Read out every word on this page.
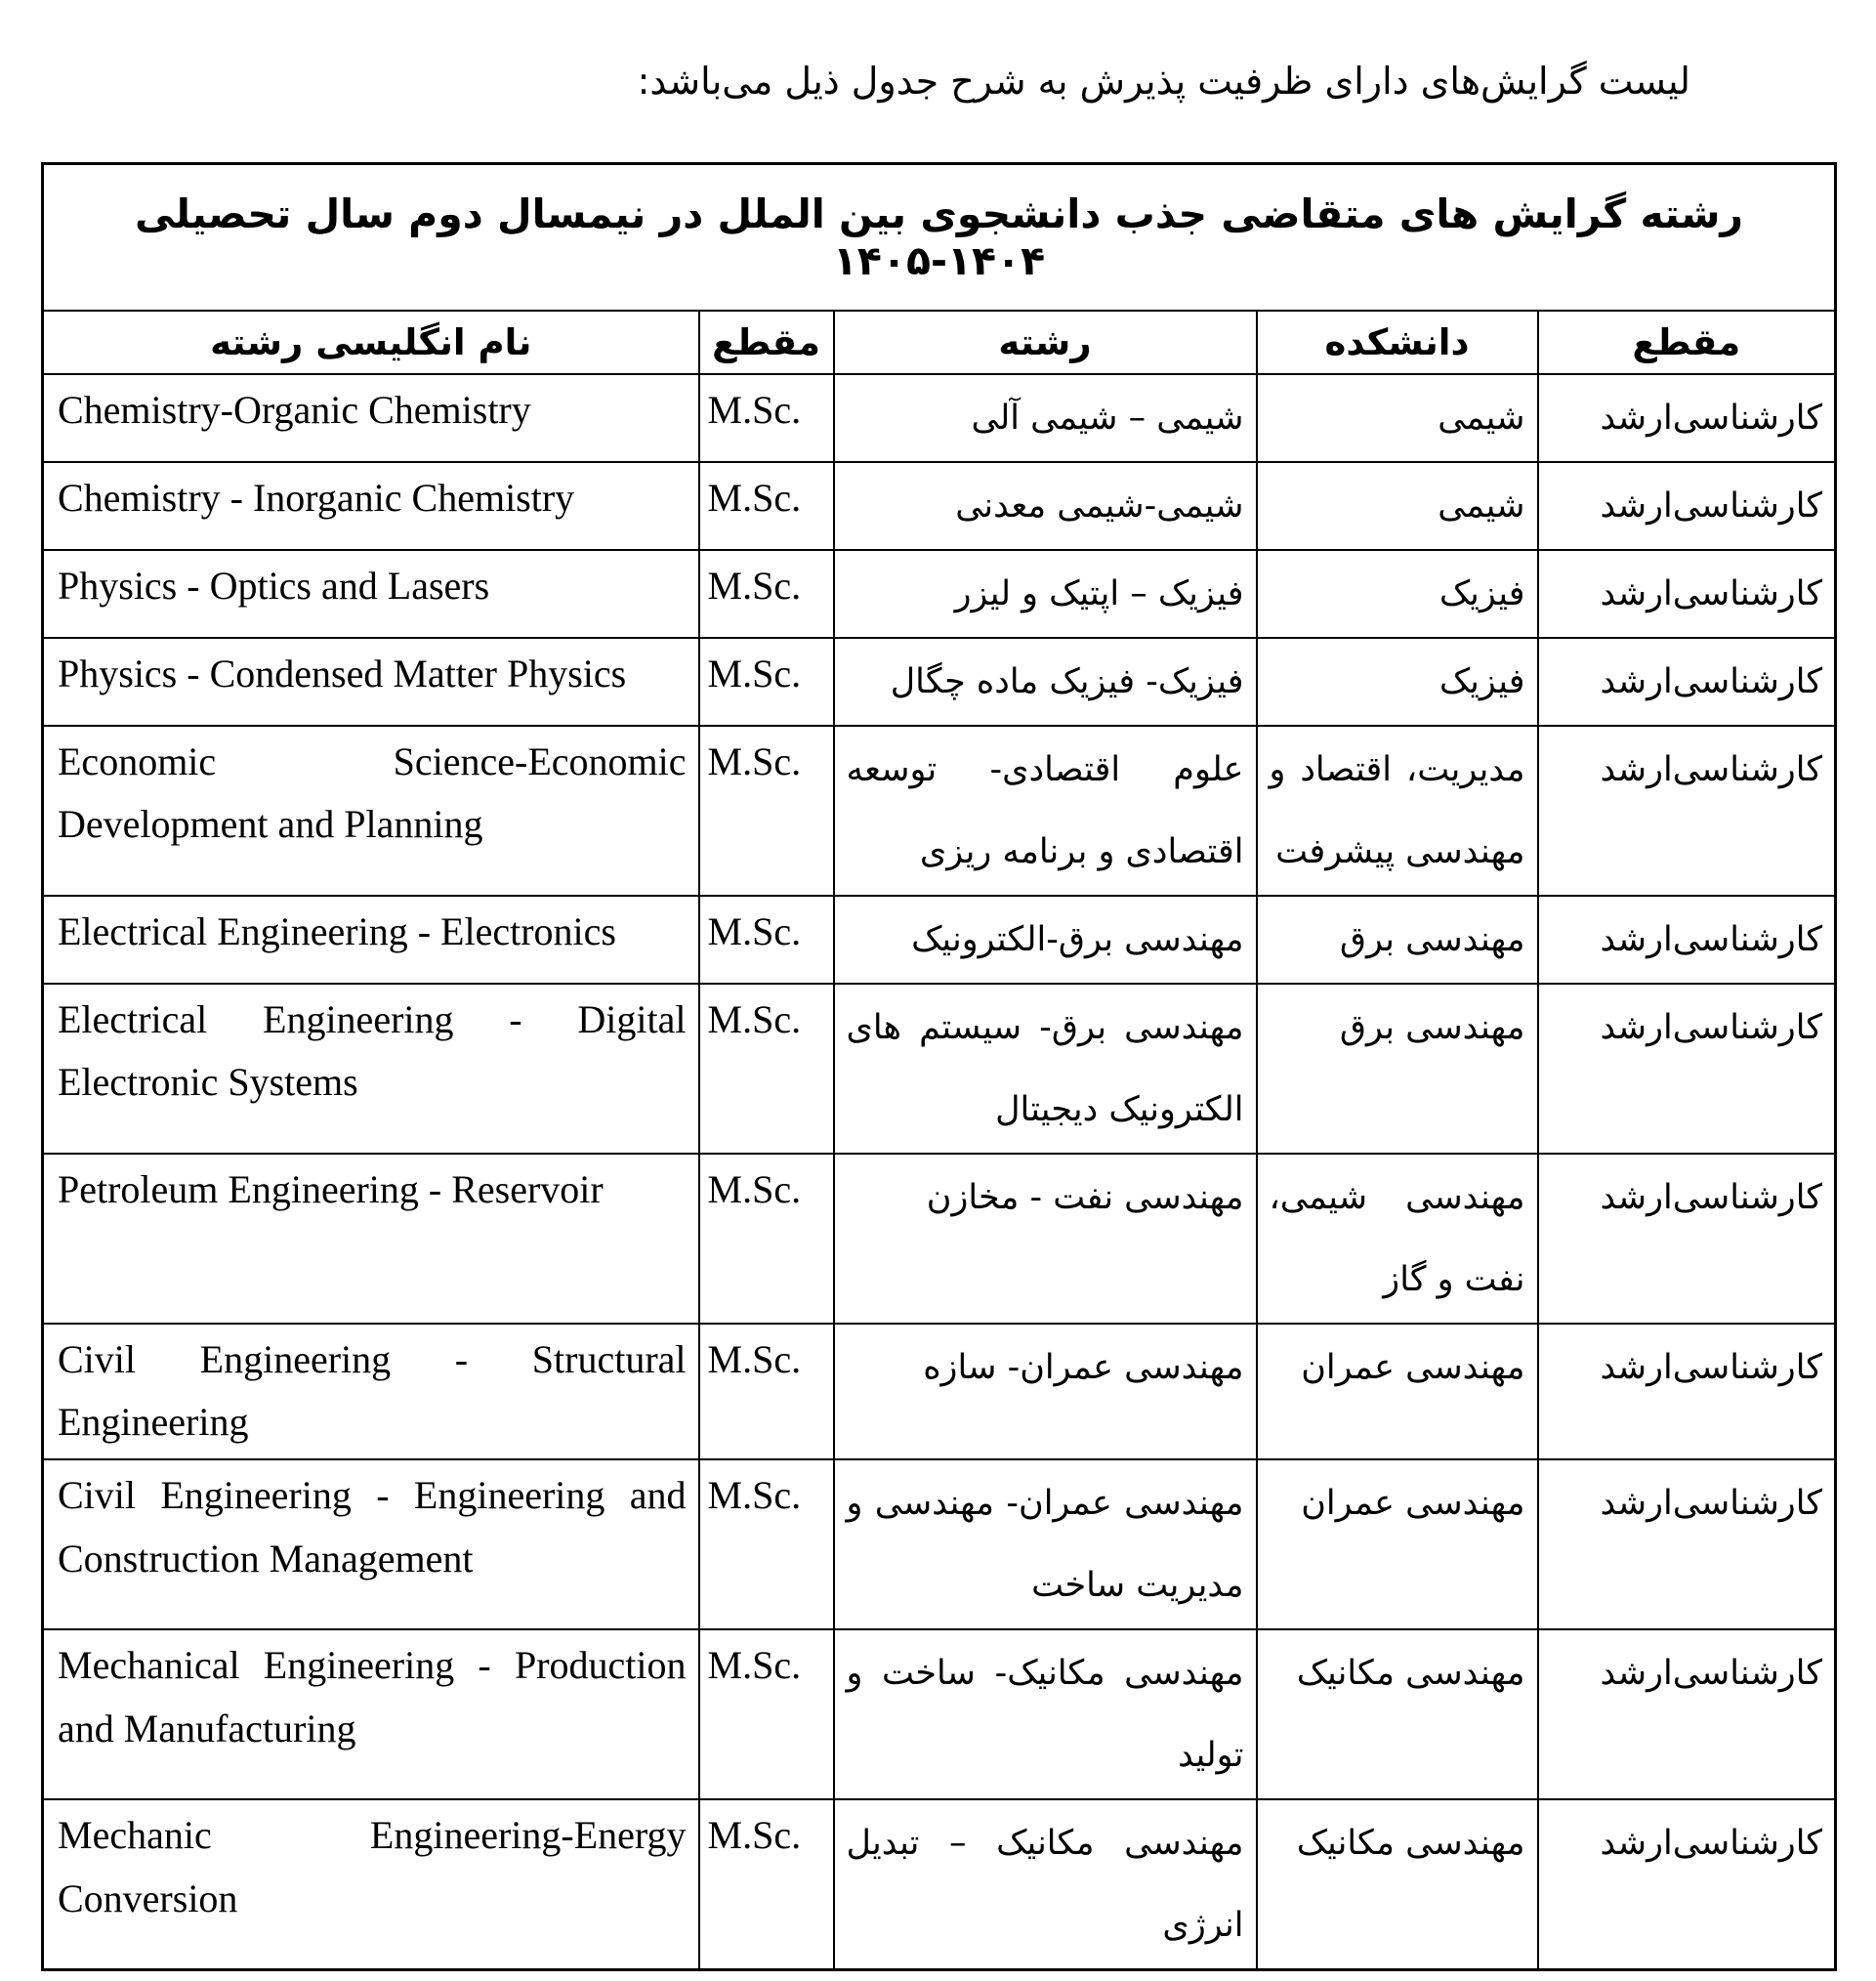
لیست گرایش‌های دارای ظرفیت پذیرش به شرح جدول ذیل می‌باشد:

رشته گرایش های متقاضی جذب دانشجوی بین الملل در نیمسال دوم سال تحصیلی ۱۴۰۴‏-‏۱۴۰۵				
نام انگلیسی رشته	مقطع	رشته	دانشکده	مقطع
Chemistry-Organic Chemistry	M.Sc.	شیمی – شیمی آلی	شیمی	کارشناسی‌ارشد
Chemistry - Inorganic Chemistry	M.Sc.	شیمی-شیمی معدنی	شیمی	کارشناسی‌ارشد
Physics - Optics and Lasers	M.Sc.	فیزیک – اپتیک و لیزر	فیزیک	کارشناسی‌ارشد
Physics - Condensed Matter Physics	M.Sc.	فیزیک- فیزیک ماده چگال	فیزیک	کارشناسی‌ارشد
Economic Science-Economic Development and Planning	M.Sc.	علوم اقتصادی- توسعه اقتصادی و برنامه ریزی	مدیریت، اقتصاد و مهندسی پیشرفت	کارشناسی‌ارشد
Electrical Engineering - Electronics	M.Sc.	مهندسی برق-الکترونیک	مهندسی برق	کارشناسی‌ارشد
Electrical Engineering - Digital Electronic Systems	M.Sc.	مهندسی برق- سیستم های الکترونیک دیجیتال	مهندسی برق	کارشناسی‌ارشد
Petroleum Engineering - Reservoir	M.Sc.	مهندسی نفت - مخازن	مهندسی شیمی، نفت و گاز	کارشناسی‌ارشد
Civil Engineering - Structural Engineering	M.Sc.	مهندسی عمران- سازه	مهندسی عمران	کارشناسی‌ارشد
Civil Engineering - Engineering and Construction Management	M.Sc.	مهندسی عمران- مهندسی و مدیریت ساخت	مهندسی عمران	کارشناسی‌ارشد
Mechanical Engineering - Production and Manufacturing	M.Sc.	مهندسی مکانیک- ساخت و تولید	مهندسی مکانیک	کارشناسی‌ارشد
Mechanic Engineering-Energy Conversion	M.Sc.	مهندسی مکانیک – تبدیل انرژی	مهندسی مکانیک	کارشناسی‌ارشد
